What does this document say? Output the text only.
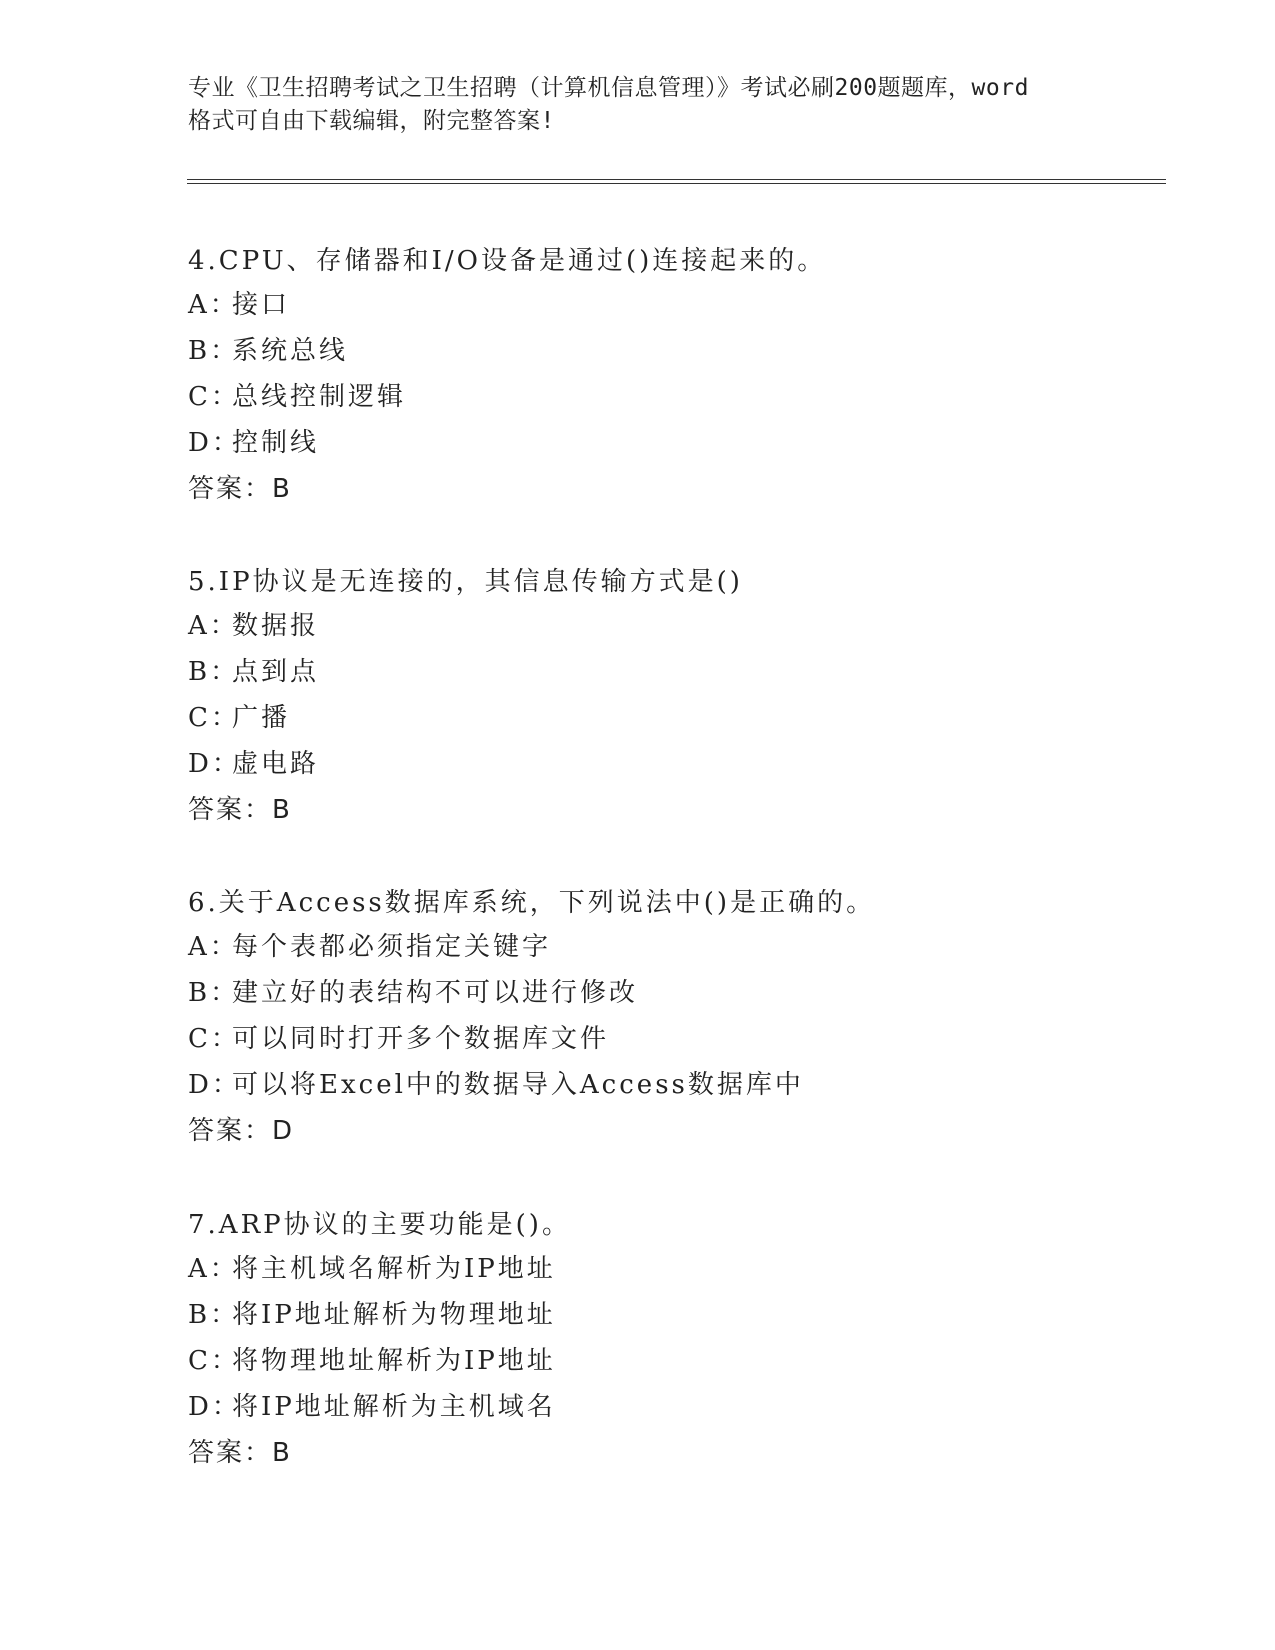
专业《卫生招聘考试之卫生招聘（计算机信息管理）》考试必刷200题题库，word
格式可自由下载编辑，附完整答案!
4.CPU、存储器和I/O设备是通过()连接起来的。
A：接口
B：系统总线
C：总线控制逻辑
D：控制线
答案：B
5.IP协议是无连接的，其信息传输方式是()
A：数据报
B：点到点
C：广播
D：虚电路
答案：B
6.关于Access数据库系统，下列说法中()是正确的。
A：每个表都必须指定关键字
B：建立好的表结构不可以进行修改
C：可以同时打开多个数据库文件
D：可以将Excel中的数据导入Access数据库中
答案：D
7.ARP协议的主要功能是()。
A：将主机域名解析为IP地址
B：将IP地址解析为物理地址
C：将物理地址解析为IP地址
D：将IP地址解析为主机域名
答案：B
